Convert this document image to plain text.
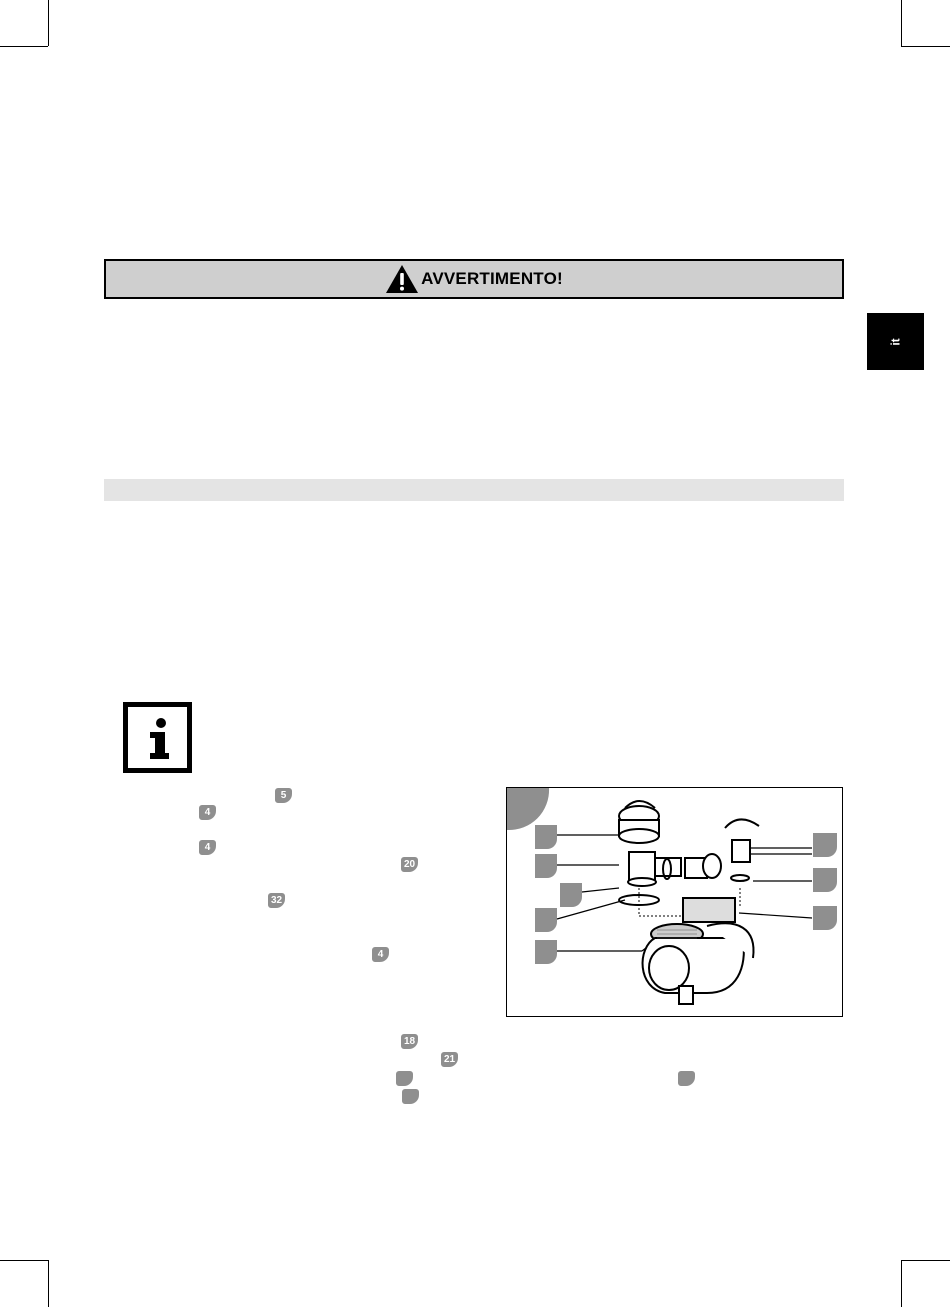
AVVERTIMENTO!
it
5
4
4
20
32
4
18
21
